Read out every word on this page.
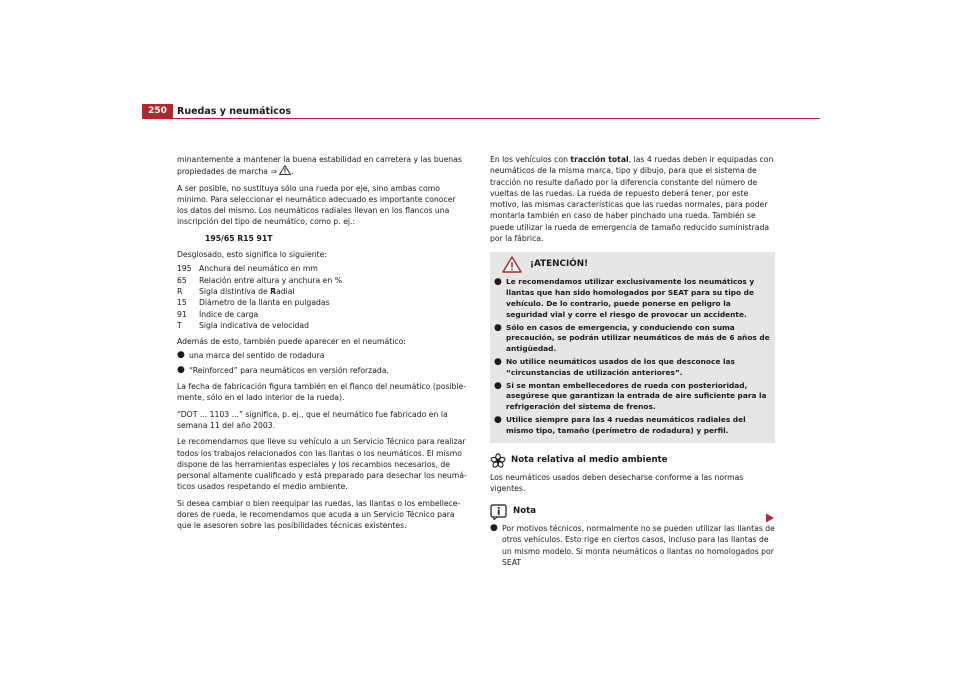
250	Ruedas y neumáticos

minantemente a mantener la buena estabilidad en carretera y las buenas propiedades de marcha ⇒ .

A ser posible, no sustituya sólo una rueda por eje, sino ambas como mínimo. Para seleccionar el neumático adecuado es importante conocer los datos del mismo. Los neumáticos radiales llevan en los flancos una inscripción del tipo de neumático, como p. ej.:

195/65 R15 91T

Desglosado, esto significa lo siguiente:

195 Anchura del neumático en mm
65	Relación entre altura y anchura en %
R	Sigla distintiva de Radial
15	Diámetro de la llanta en pulgadas
91	Índice de carga
T	Sigla indicativa de velocidad

Además de esto, también puede aparecer en el neumático:

● una marca del sentido de rodadura
● “Reinforced” para neumáticos en versión reforzada.

La fecha de fabricación figura también en el flanco del neumático (posible-mente, sólo en el lado interior de la rueda).

“DOT ... 1103 ...” significa, p. ej., que el neumático fue fabricado en la semana 11 del año 2003.

Le recomendamos que lleve su vehículo a un Servicio Técnico para realizar todos los trabajos relacionados con las llantas o los neumáticos. El mismo dispone de las herramientas especiales y los recambios necesarios, de personal altamente cualificado y está preparado para desechar los neumá-ticos usados respetando el medio ambiente.

Si desea cambiar o bien reequipar las ruedas, las llantas o los embellece-dores de rueda, le recomendamos que acuda a un Servicio Técnico para que le asesoren sobre las posibilidades técnicas existentes.

En los vehículos con tracción total, las 4 ruedas deben ir equipadas con neumáticos de la misma marca, tipo y dibujo, para que el sistema de tracción no resulte dañado por la diferencia constante del número de vueltas de las ruedas. La rueda de repuesto deberá tener, por este motivo, las mismas características que las ruedas normales, para poder montarla también en caso de haber pinchado una rueda. También se puede utilizar la rueda de emergencia de tamaño reducido suministrada por la fábrica.

¡ATENCIÓN!
● Le recomendamos utilizar exclusivamente los neumáticos y llantas que han sido homologados por SEAT para su tipo de vehículo. De lo contrario, puede ponerse en peligro la seguridad vial y corre el riesgo de provocar un accidente.
● Sólo en casos de emergencia, y conduciendo con suma precaución, se podrán utilizar neumáticos de más de 6 años de antigüedad.
● No utilice neumáticos usados de los que desconoce las “circunstancias de utilización anteriores”.
● Si se montan embellecedores de rueda con posterioridad, asegúrese que garantizan la entrada de aire suficiente para la refrigeración del sistema de frenos.
● Utilice siempre para las 4 ruedas neumáticos radiales del mismo tipo, tamaño (perímetro de rodadura) y perfil.
Nota relativa al medio ambiente

Los neumáticos usados deben desecharse conforme a las normas vigentes.

Nota
● Por motivos técnicos, normalmente no se pueden utilizar las llantas de otros vehículos. Esto rige en ciertos casos, incluso para las llantas de un mismo modelo. Si monta neumáticos o llantas no homologados por SEAT
